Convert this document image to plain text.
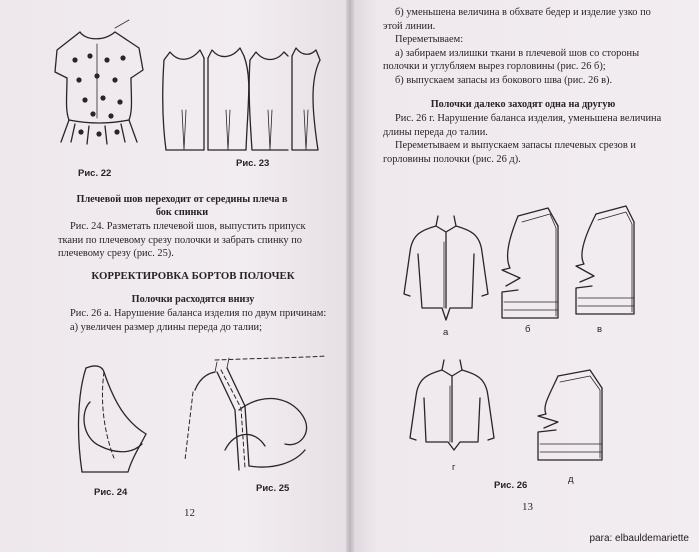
Рис. 22
Рис. 23
Плечевой шов переходит от середины плеча в бок спинки

Рис. 24. Разметать плечевой шов, выпустить припуск ткани по плечевому срезу полочки и забрать спинку по плечевому срезу (рис. 25).

КОРРЕКТИРОВКА БОРТОВ ПОЛОЧЕК
Полочки расходятся внизу

Рис. 26 а. Нарушение баланса изделия по двум причинам:

а) увеличен размер длины переда до талии;

Рис. 24	Рис. 25
12

б) уменьшена величина в обхвате бедер и изделие узко по этой линии.

Переметываем:

а) забираем излишки ткани в плечевой шов со стороны полочки и углубляем вырез горловины (рис. 26 б);

б) выпускаем запасы из бокового шва (рис. 26 в).

Полочки далеко заходят одна на другую

Рис. 26 г. Нарушение баланса изделия, уменьшена величина длины переда до талии.

Переметываем и выпускаем запасы плечевых срезов и горловины полочки (рис. 26 д).

а	б	в
г
д
Рис. 26
13
para: elbauldemariette
